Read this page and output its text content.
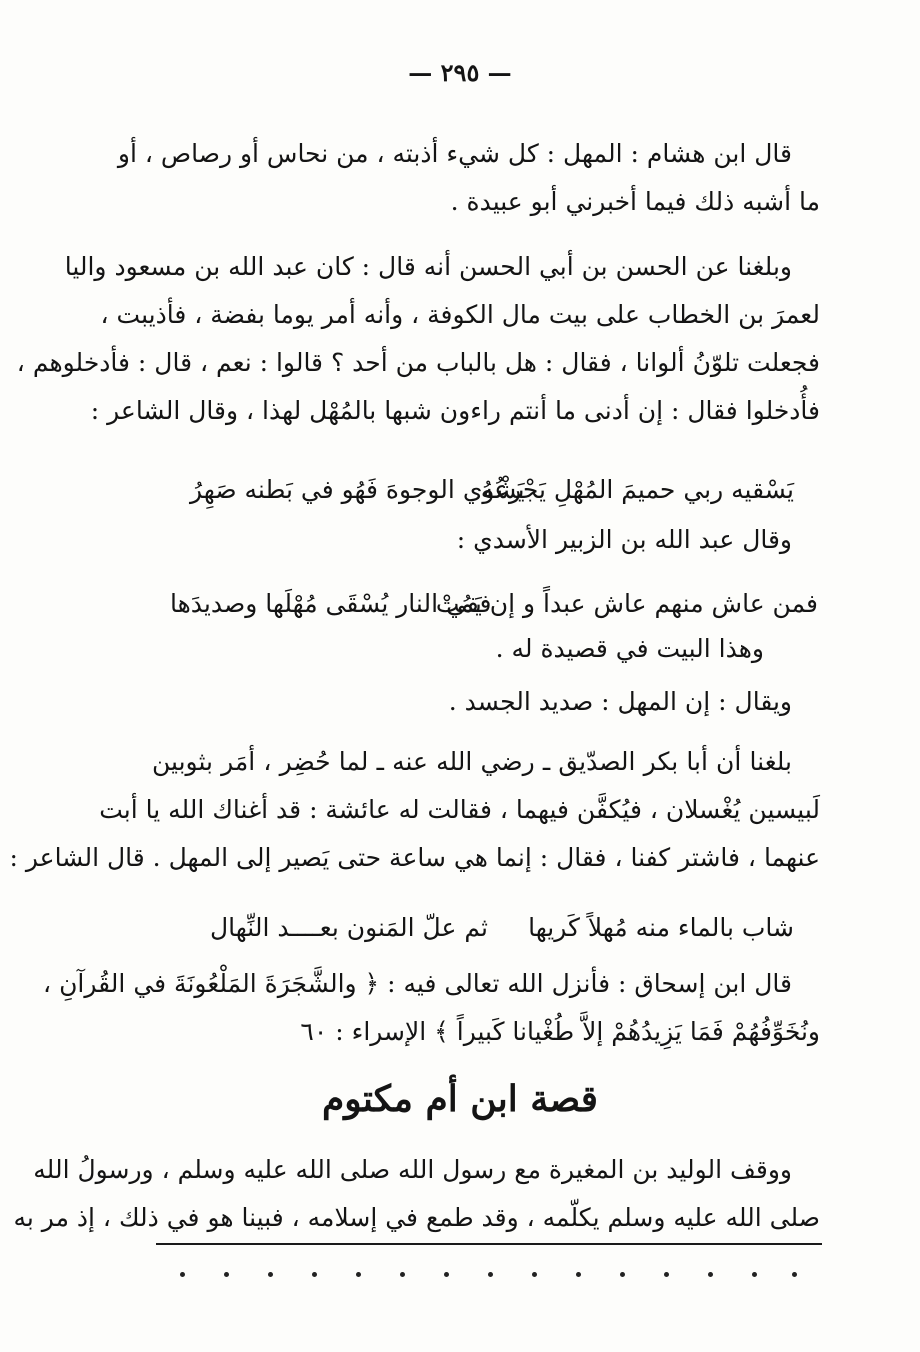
— ٢٩٥ —
قال ابن هشام : المهل : كل شيء أذبته ، من نحاس أو رصاص ، أو
ما أشبه ذلك فيما أخبرني أبو عبيدة .
وبلغنا عن الحسن بن أبي الحسن أنه قال : كان عبد الله بن مسعود واليا
لعمرَ بن الخطاب على بيت مال الكوفة ، وأنه أمر يوما بفضة ، فأذيبت ،
فجعلت تلوّنُ ألوانا ، فقال : هل بالباب من أحد ؟ قالوا : نعم ، قال : فأدخلوهم ،
فأُدخلوا فقال : إن أدنى ما أنتم راءون شبها بالمُهْل لهذا ، وقال الشاعر :
يَسْقيه ربي حميمَ المُهْلِ يَجْرعُهُ
يَشْوي الوجوهَ فَهُو في بَطنه صَهِرُ
وقال عبد الله بن الزبير الأسدي :
فمن عاش منهم عاش عبداً و إن يَمُتْ
ففي النار يُسْقَى مُهْلَها وصديدَها
وهذا البيت في قصيدة له .
ويقال : إن المهل : صديد الجسد .
بلغنا أن أبا بكر الصدّيق ـ رضي الله عنه ـ لما حُضِر ، أمَر بثوبين
لَبيسين يُغْسلان ، فيُكفَّن فيهما ، فقالت له عائشة : قد أغناك الله يا أبت
عنهما ، فاشتر كفنا ، فقال : إنما هي ساعة حتى يَصير إلى المهل . قال الشاعر :
شاب بالماء منه مُهلاً كَريها
ثم علّ المَنون بعــــد النِّهال
قال ابن إسحاق : فأنزل الله تعالى فيه : ﴿ والشَّجَرَةَ المَلْعُونَةَ في القُرآنِ ،
ونُخَوِّفُهُمْ فَمَا يَزِيدُهُمْ إلاَّ طُغْيانا كَبيراً ﴾ الإسراء : ٦٠
قصة ابن أم مكتوم
ووقف الوليد بن المغيرة مع رسول الله صلى الله عليه وسلم ، ورسولُ الله
صلى الله عليه وسلم يكلّمه ، وقد طمع في إسلامه ، فبينا هو في ذلك ، إذ مر به
